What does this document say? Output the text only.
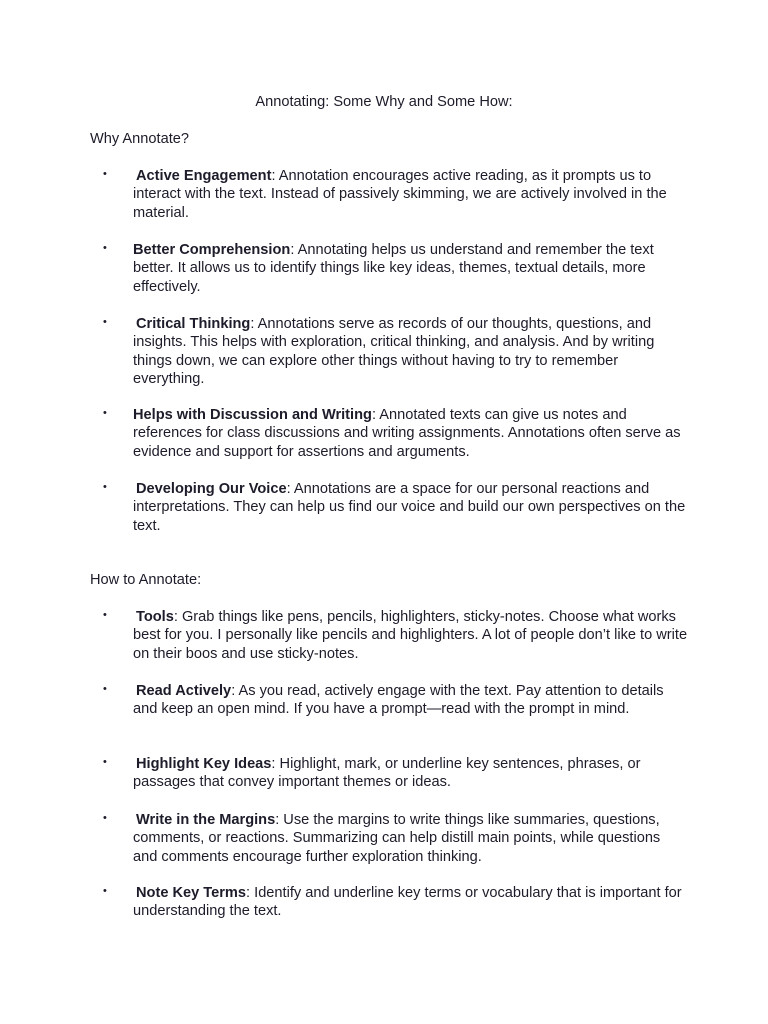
Annotating: Some Why and Some How:
Why Annotate?
• Active Engagement: Annotation encourages active reading, as it prompts us to interact with the text. Instead of passively skimming, we are actively involved in the material.
• Better Comprehension: Annotating helps us understand and remember the text better. It allows us to identify things like key ideas, themes, textual details, more effectively.
• Critical Thinking: Annotations serve as records of our thoughts, questions, and insights. This helps with exploration, critical thinking, and analysis. And by writing things down, we can explore other things without having to try to remember everything.
• Helps with Discussion and Writing: Annotated texts can give us notes and references for class discussions and writing assignments. Annotations often serve as evidence and support for assertions and arguments.
• Developing Our Voice: Annotations are a space for our personal reactions and interpretations. They can help us find our voice and build our own perspectives on the text.
How to Annotate:
• Tools: Grab things like pens, pencils, highlighters, sticky-notes. Choose what works best for you. I personally like pencils and highlighters. A lot of people don’t like to write on their boos and use sticky-notes.
• Read Actively: As you read, actively engage with the text. Pay attention to details and keep an open mind. If you have a prompt—read with the prompt in mind.
• Highlight Key Ideas: Highlight, mark, or underline key sentences, phrases, or passages that convey important themes or ideas.
• Write in the Margins: Use the margins to write things like summaries, questions, comments, or reactions. Summarizing can help distill main points, while questions and comments encourage further exploration thinking.
• Note Key Terms: Identify and underline key terms or vocabulary that is important for understanding the text.
